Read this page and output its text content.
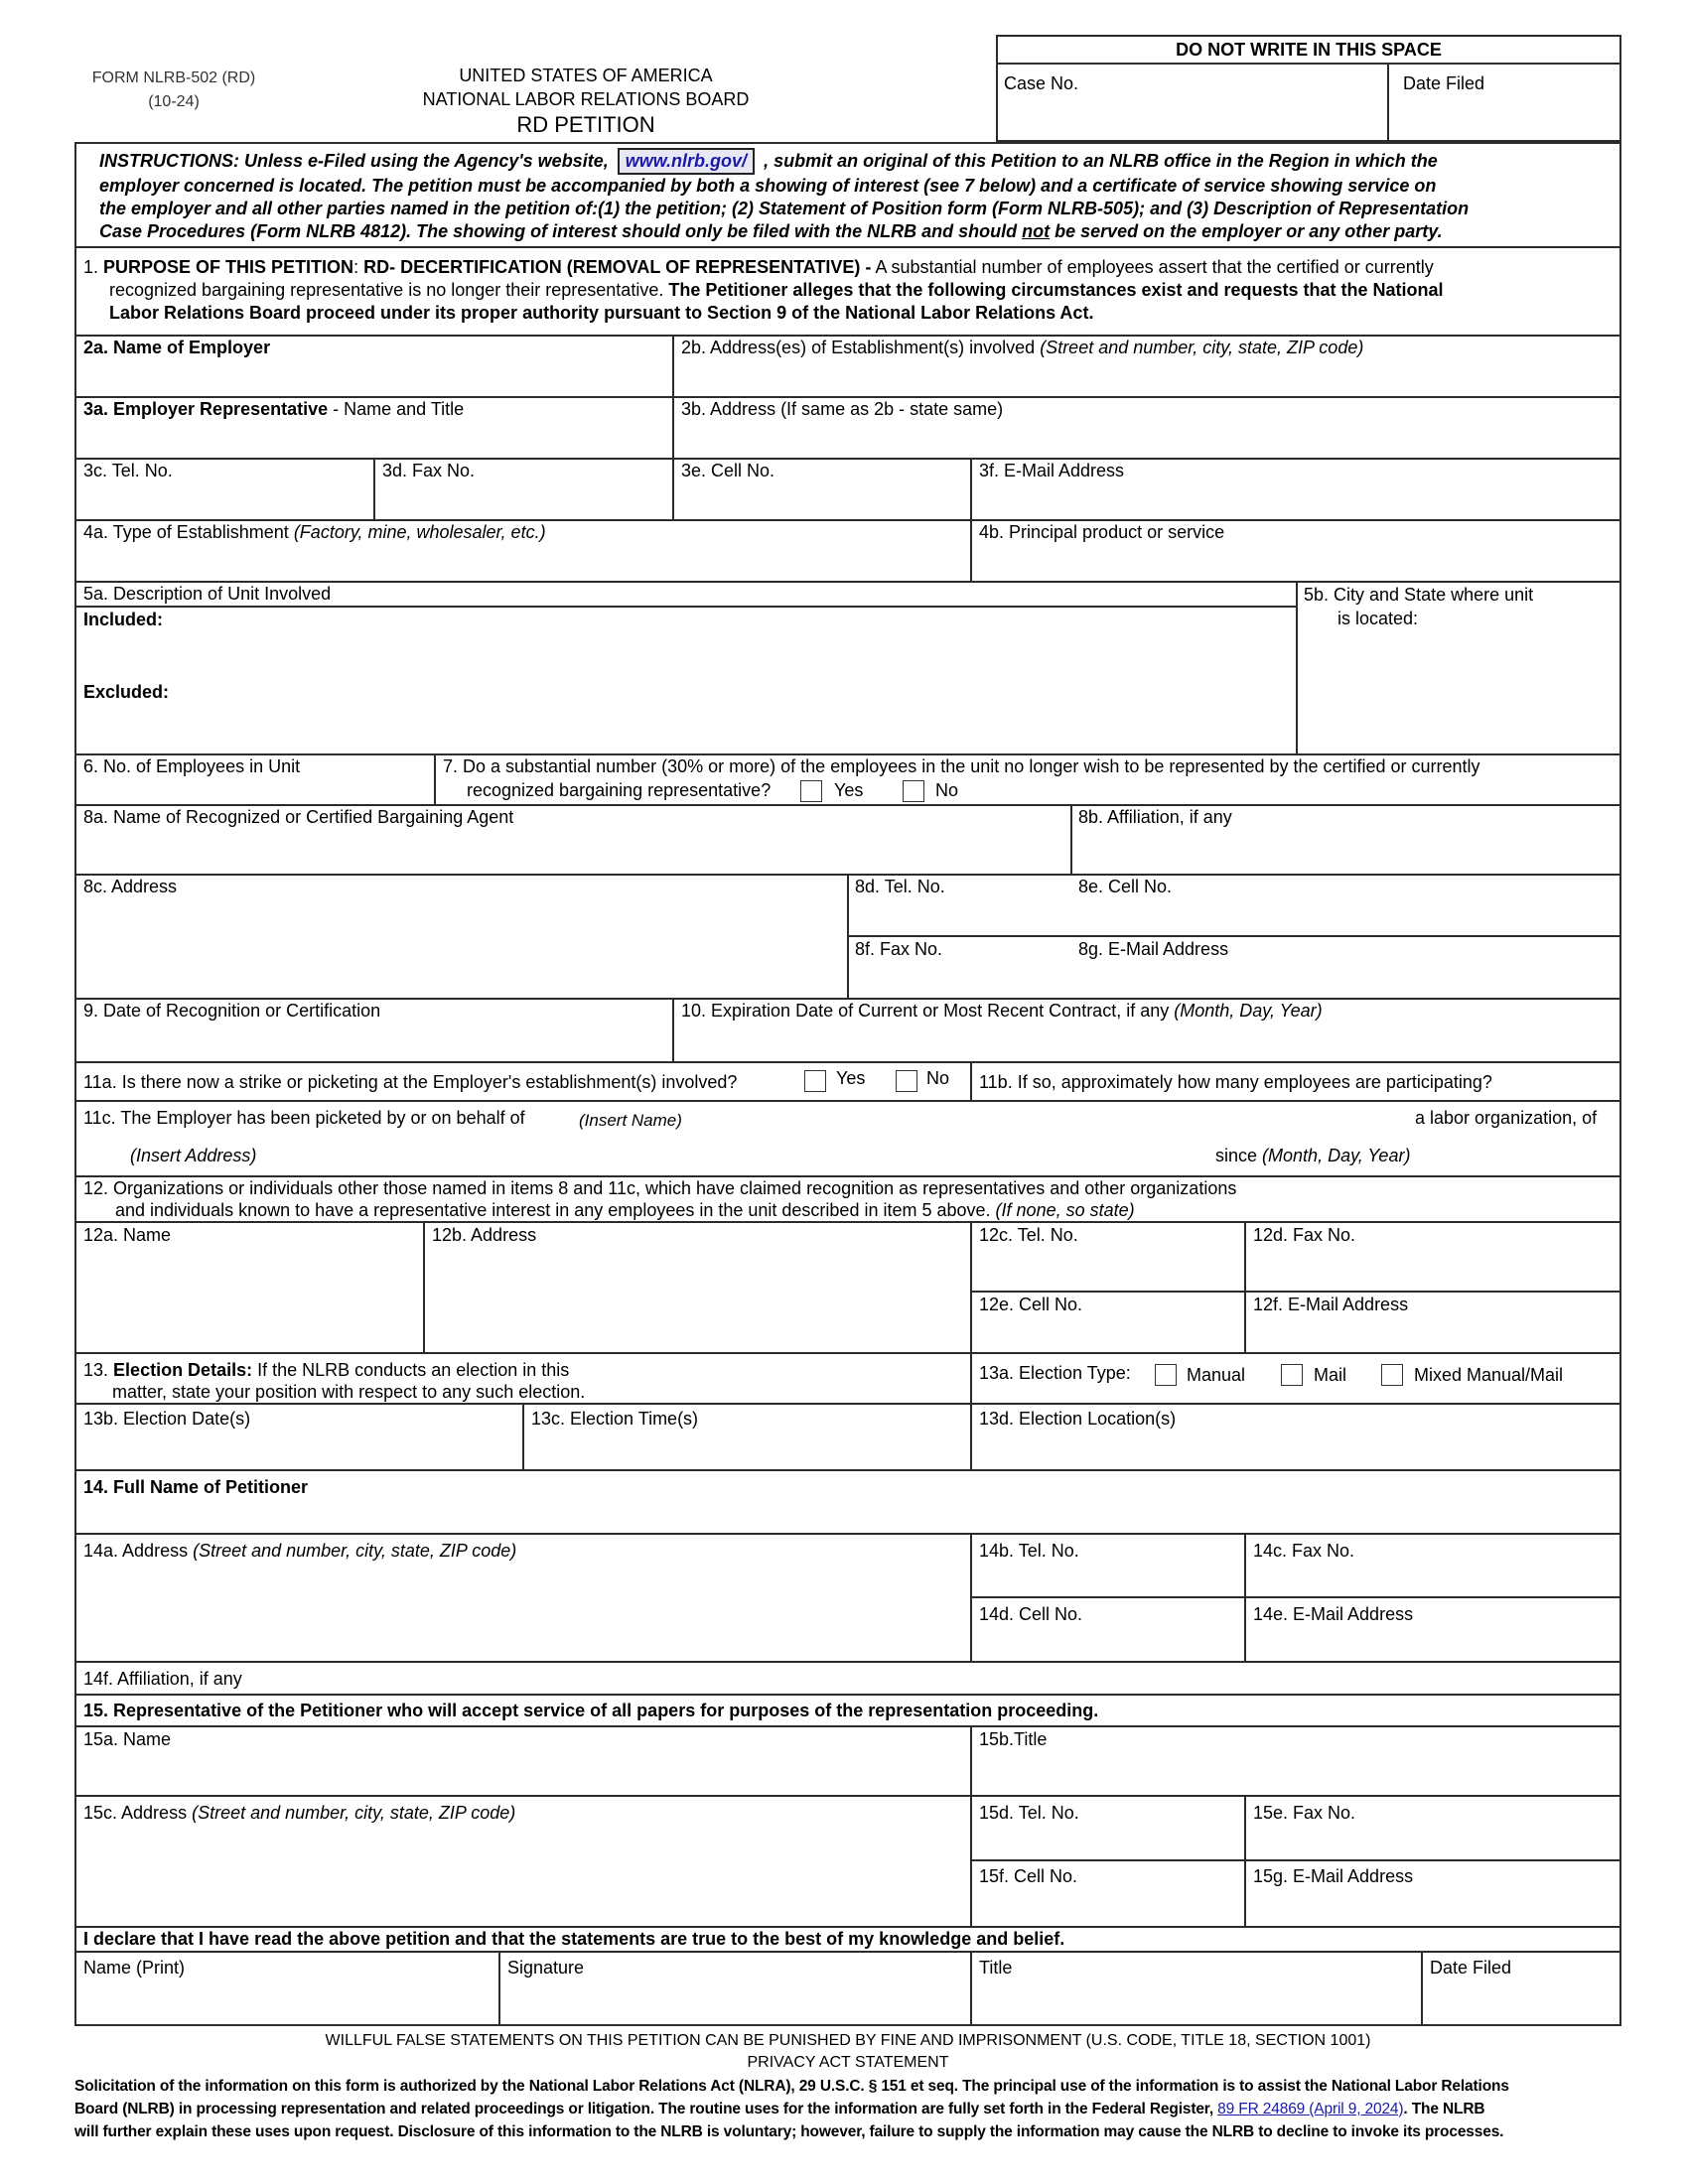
FORM NLRB-502 (RD)
(10-24)
UNITED STATES OF AMERICA
NATIONAL LABOR RELATIONS BOARD
RD PETITION
DO NOT WRITE IN THIS SPACE
Case No.	Date Filed
INSTRUCTIONS: Unless e-Filed using the Agency's website, www.nlrb.gov/ , submit an original of this Petition to an NLRB office in the Region in which the
employer concerned is located. The petition must be accompanied by both a showing of interest (see 7 below) and a certificate of service showing service on
the employer and all other parties named in the petition of:(1) the petition; (2) Statement of Position form (Form NLRB-505); and (3) Description of Representation
Case Procedures (Form NLRB 4812). The showing of interest should only be filed with the NLRB and should not be served on the employer or any other party.
1. PURPOSE OF THIS PETITION: RD- DECERTIFICATION (REMOVAL OF REPRESENTATIVE) - A substantial number of employees assert that the certified or currently
recognized bargaining representative is no longer their representative. The Petitioner alleges that the following circumstances exist and requests that the National
Labor Relations Board proceed under its proper authority pursuant to Section 9 of the National Labor Relations Act.
2a. Name of Employer	2b. Address(es) of Establishment(s) involved (Street and number, city, state, ZIP code)
3a. Employer Representative - Name and Title	3b. Address (If same as 2b - state same)
3c. Tel. No.	3d. Fax No.	3e. Cell No.	3f. E-Mail Address
4a. Type of Establishment (Factory, mine, wholesaler, etc.)	4b. Principal product or service
5a. Description of Unit Involved
Included:
Excluded:
5b. City and State where unit
is located:
6. No. of Employees in Unit	7. Do a substantial number (30% or more) of the employees in the unit no longer wish to be represented by the certified or currently
recognized bargaining representative?	Yes	No
8a. Name of Recognized or Certified Bargaining Agent	8b. Affiliation, if any
8c. Address	8d. Tel. No.	8e. Cell No.
8f. Fax No.	8g. E-Mail Address
9. Date of Recognition or Certification	10. Expiration Date of Current or Most Recent Contract, if any (Month, Day, Year)
11a. Is there now a strike or picketing at the Employer's establishment(s) involved?	Yes	No 11b. If so, approximately how many employees are participating?
11c. The Employer has been picketed by or on behalf of	(Insert Name)	a labor organization, of
(Insert Address)	since (Month, Day, Year)
12. Organizations or individuals other those named in items 8 and 11c, which have claimed recognition as representatives and other organizations
and individuals known to have a representative interest in any employees in the unit described in item 5 above. (If none, so state)
12a. Name	12b. Address	12c. Tel. No.	12d. Fax No.
12e. Cell No.	12f. E-Mail Address
13. Election Details: If the NLRB conducts an election in this
matter, state your position with respect to any such election.
13a. Election Type:	Manual	Mail	Mixed Manual/Mail
13b. Election Date(s)	13c. Election Time(s)	13d. Election Location(s)
14. Full Name of Petitioner
14a. Address (Street and number, city, state, ZIP code)	14b. Tel. No.	14c. Fax No.
14d. Cell No.	14e. E-Mail Address
14f. Affiliation, if any
15. Representative of the Petitioner who will accept service of all papers for purposes of the representation proceeding.
15a. Name	15b.Title
15c. Address (Street and number, city, state, ZIP code)	15d. Tel. No.	15e. Fax No.
15f. Cell No.	15g. E-Mail Address
I declare that I have read the above petition and that the statements are true to the best of my knowledge and belief.
Name (Print)	Signature	Title	Date Filed
WILLFUL FALSE STATEMENTS ON THIS PETITION CAN BE PUNISHED BY FINE AND IMPRISONMENT (U.S. CODE, TITLE 18, SECTION 1001)
PRIVACY ACT STATEMENT
Solicitation of the information on this form is authorized by the National Labor Relations Act (NLRA), 29 U.S.C. § 151 et seq. The principal use of the information is to assist the National Labor Relations
Board (NLRB) in processing representation and related proceedings or litigation. The routine uses for the information are fully set forth in the Federal Register, 89 FR 24869 (April 9, 2024). The NLRB
will further explain these uses upon request. Disclosure of this information to the NLRB is voluntary; however, failure to supply the information may cause the NLRB to decline to invoke its processes.
